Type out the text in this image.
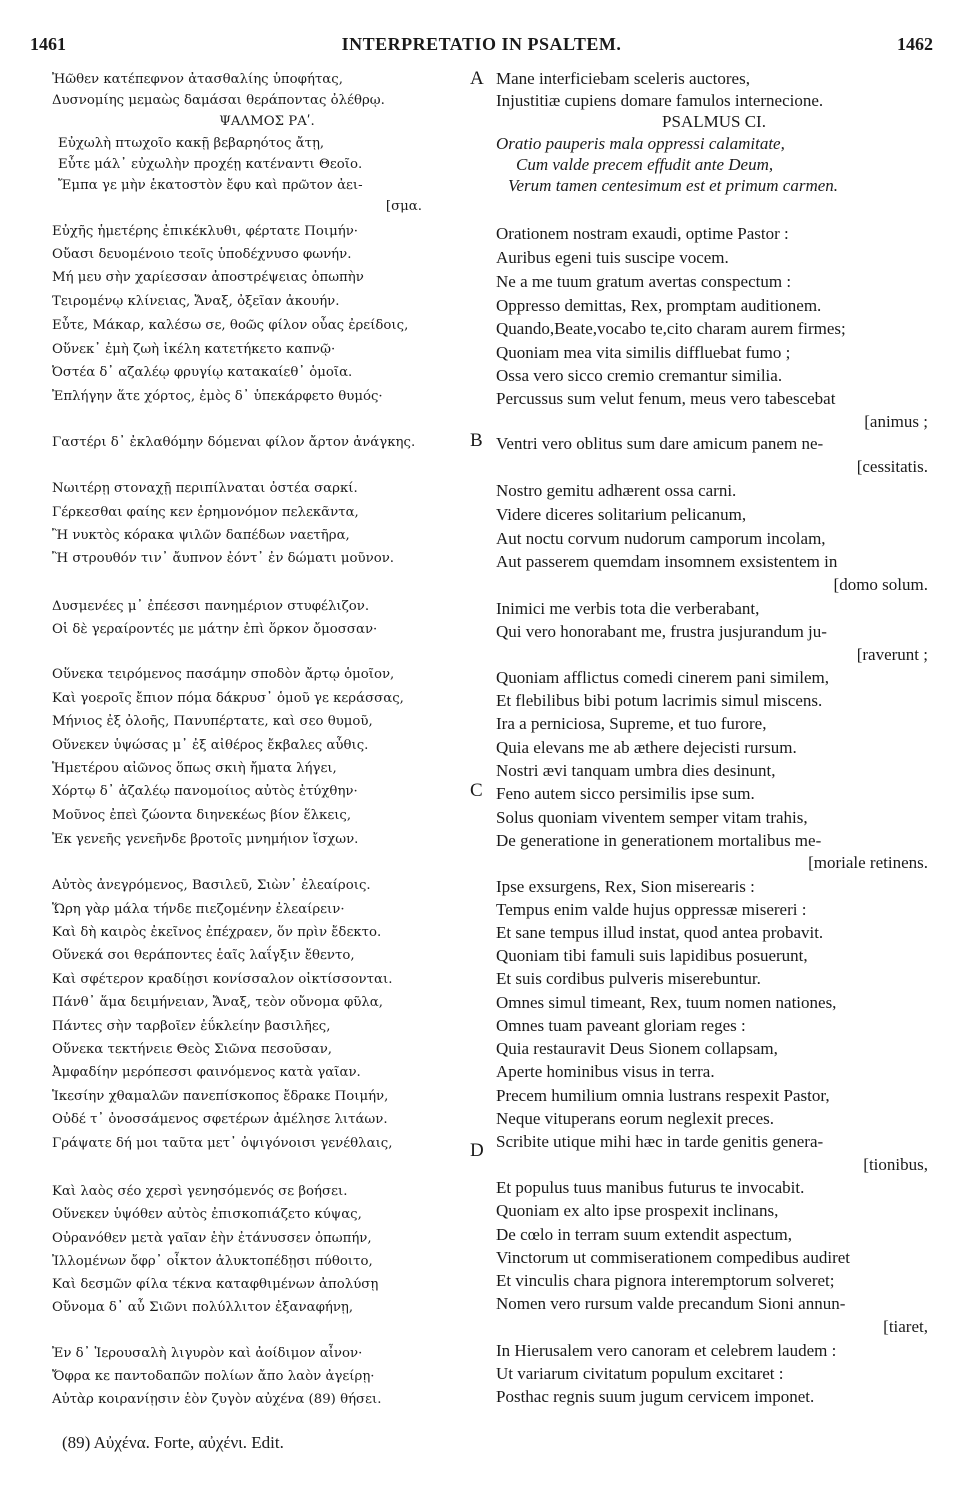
1461	INTERPRETATIO IN PSALTEM.	1462
Ἠῶθεν κατέπεφνον ἀτασθαλίης ὑποφήτας,
Δυσνομίης μεμαὼς δαμάσαι θεράποντας ὀλέθρῳ.
ΨΑΛΜΟΣ ΡΑʹ.
Εὐχωλὴ πτωχοῖο κακῇ βεβαρηότος ἄτῃ,
Εὖτε μάλ᾽ εὐχωλὴν προχέῃ κατέναντι Θεοῖο.
Ἔμπα γε μὴν ἑκατοστὸν ἔφυ καὶ πρῶτον ἀει-
[σμα.
Εὐχῆς ἡμετέρης ἐπικέκλυθι, φέρτατε Ποιμήν·
Οὔασι δευομένοιο τεοῖς ὑποδέχνυσο φωνήν.
Μή μευ σὴν χαρίεσσαν ἀποστρέψειας ὀπωπὴν
Τειρομένῳ κλίνειας, Ἄναξ, ὀξεῖαν ἀκουήν.
Εὖτε, Μάκαρ, καλέσω σε, θοῶς φίλον οὖας ἐρείδοις,
Οὕνεκ᾽ ἐμὴ ζωὴ ἰκέλη κατετήκετο καπνῷ·
Ὀστέα δ᾽ αζαλέῳ φρυγίῳ κατακαίεθ᾽ ὁμοῖα.
Ἐπλήγην ἅτε χόρτος, ἐμὸς δ᾽ ὑπεκάρφετο θυμός·
Γαστέρι δ᾽ ἐκλαθόμην δόμεναι φίλον ἄρτον ἀνάγκης.
Νωιτέρῃ στοναχῇ περιπίλναται ὀστέα σαρκί.
Γέρκεσθαι φαίης κεν ἐρημονόμον πελεκᾶντα,
Ἢ νυκτὸς κόρακα ψιλῶν δαπέδων ναετῆρα,
Ἢ στρουθόν τιν᾽ ἄυπνον ἐόντ᾽ ἐν δώματι μοῦνον.
Δυσμενέες μ᾽ ἐπέεσσι πανημέριον στυφέλιζον.
Οἱ δὲ γεραίροντές με μάτην ἐπὶ ὅρκον ὄμοσσαν·
Οὕνεκα τειρόμενος πασάμην σποδὸν ἄρτῳ ὁμοῖον,
Καὶ γοεροῖς ἔπιον πόμα δάκρυσ᾽ ὁμοῦ γε κεράσσας,
Μήνιος ἐξ ὀλοῆς, Πανυπέρτατε, καὶ σεο θυμοῦ,
Οὕνεκεν ὑψώσας μ᾽ ἐξ αἰθέρος ἔκβαλες αὖθις.
Ἡμετέρου αἰῶνος ὅπως σκιὴ ἤματα λήγει,
Χόρτῳ δ᾽ ἀζαλέῳ πανομοίιος αὐτὸς ἐτύχθην·
Μοῦνος ἐπεὶ ζώοντα διηνεκέως βίον ἕλκεις,
Ἐκ γενεῆς γενεῆνδε βροτοῖς μνημήιον ἴσχων.
Αὐτὸς ἀνεγρόμενος, Βασιλεῦ, Σιὼν᾽ ἐλεαίροις.
Ὥρη γὰρ μάλα τήνδε πιεζομένην ἐλεαίρειν·
Καὶ δὴ καιρὸς ἐκεῖνος ἐπέχραεν, ὅν πρὶν ἔδεκτο.
Οὕνεκά σοι θεράποντες ἑαῖς λαΐγξιν ἔθεντο,
Καὶ σφέτερον κραδίῃσι κονίσσαλον οἰκτίσσονται.
Πάνθ᾽ ἅμα δειμήνειαν, Ἄναξ, τεὸν οὔνομα φῦλα,
Πάντες σὴν ταρβοῖεν ἐΰκλείην βασιλῆες,
Οὕνεκα τεκτήνειε Θεὸς Σιῶνα πεσοῦσαν,
Ἀμφαδίην μερόπεσσι φαινόμενος κατὰ γαῖαν.
Ἱκεσίην χθαμαλῶν πανεπίσκοπος ἔδρακε Ποιμήν,
Οὐδέ τ᾽ ὀνοσσάμενος σφετέρων ἀμέλησε λιτάων.
Γράψατε δή μοι ταῦτα μετ᾽ ὀψιγόνοισι γενέθλαις,
Καὶ λαὸς σέο χερσὶ γενησόμενός σε βοήσει.
Οὕνεκεν ὑψόθεν αὐτὸς ἐπισκοπιάζετο κύψας,
Οὐρανόθεν μετὰ γαῖαν ἑὴν ἐτάνυσσεν ὀπωπήν,
Ἰλλομένων ὄφρ᾽ οἶκτον ἀλυκτοπέδῃσι πύθοιτο,
Καὶ δεσμῶν φίλα τέκνα καταφθιμένων ἀπολύσῃ
Οὔνομα δ᾽ αὖ Σιῶνι πολύλλιτον ἐξαναφήνῃ,
Ἐν δ᾽ Ἱερουσαλὴ λιγυρὸν καὶ ἀοίδιμον αἶνον·
Ὄφρα κε παντοδαπῶν πολίων ἄπο λαὸν ἀγείρῃ·
Αὐτὰρ κοιρανίῃσιν ἑὸν ζυγὸν αὐχένα (89) θήσει.
A
B
C
D
Mane interficiebam sceleris auctores,
Injustitiæ cupiens domare famulos internecione.
PSALMUS CI.
Oratio pauperis mala oppressi calamitate,
Cum valde precem effudit ante Deum,
Verum tamen centesimum est et primum carmen.
Orationem nostram exaudi, optime Pastor :
Auribus egeni tuis suscipe vocem.
Ne a me tuum gratum avertas conspectum :
Oppresso demittas, Rex, promptam auditionem.
Quando,Beate,vocabo te,cito charam aurem firmes;
Quoniam mea vita similis diffluebat fumo ;
Ossa vero sicco cremio cremantur similia.
Percussus sum velut fenum, meus vero tabescebat
[animus ;
Ventri vero oblitus sum dare amicum panem ne-
[cessitatis.
Nostro gemitu adhærent ossa carni.
Videre diceres solitarium pelicanum,
Aut noctu corvum nudorum camporum incolam,
Aut passerem quemdam insomnem exsistentem in
[domo solum.
Inimici me verbis tota die verberabant,
Qui vero honorabant me, frustra jusjurandum ju-
[raverunt ;
Quoniam afflictus comedi cinerem pani similem,
Et flebilibus bibi potum lacrimis simul miscens.
Ira a perniciosa, Supreme, et tuo furore,
Quia elevans me ab æthere dejecisti rursum.
Nostri ævi tanquam umbra dies desinunt,
Feno autem sicco persimilis ipse sum.
Solus quoniam viventem semper vitam trahis,
De generatione in generationem mortalibus me-
[moriale retinens.
Ipse exsurgens, Rex, Sion miserearis :
Tempus enim valde hujus oppressæ misereri :
Et sane tempus illud instat, quod antea probavit.
Quoniam tibi famuli suis lapidibus posuerunt,
Et suis cordibus pulveris miserebuntur.
Omnes simul timeant, Rex, tuum nomen nationes,
Omnes tuam paveant gloriam reges :
Quia restauravit Deus Sionem collapsam,
Aperte hominibus visus in terra.
Precem humilium omnia lustrans respexit Pastor,
Neque vituperans eorum neglexit preces.
Scribite utique mihi hæc in tarde genitis genera-
[tionibus,
Et populus tuus manibus futurus te invocabit.
Quoniam ex alto ipse prospexit inclinans,
De cœlo in terram suum extendit aspectum,
Vinctorum ut commiserationem compedibus audiret
Et vinculis chara pignora interemptorum solveret;
Nomen vero rursum valde precandum Sioni annun-
[tiaret,
In Hierusalem vero canoram et celebrem laudem :
Ut variarum civitatum populum excitaret :
Posthac regnis suum jugum cervicem imponet.
(89) Αὐχένα. Forte, αὐχένι. Edit.
